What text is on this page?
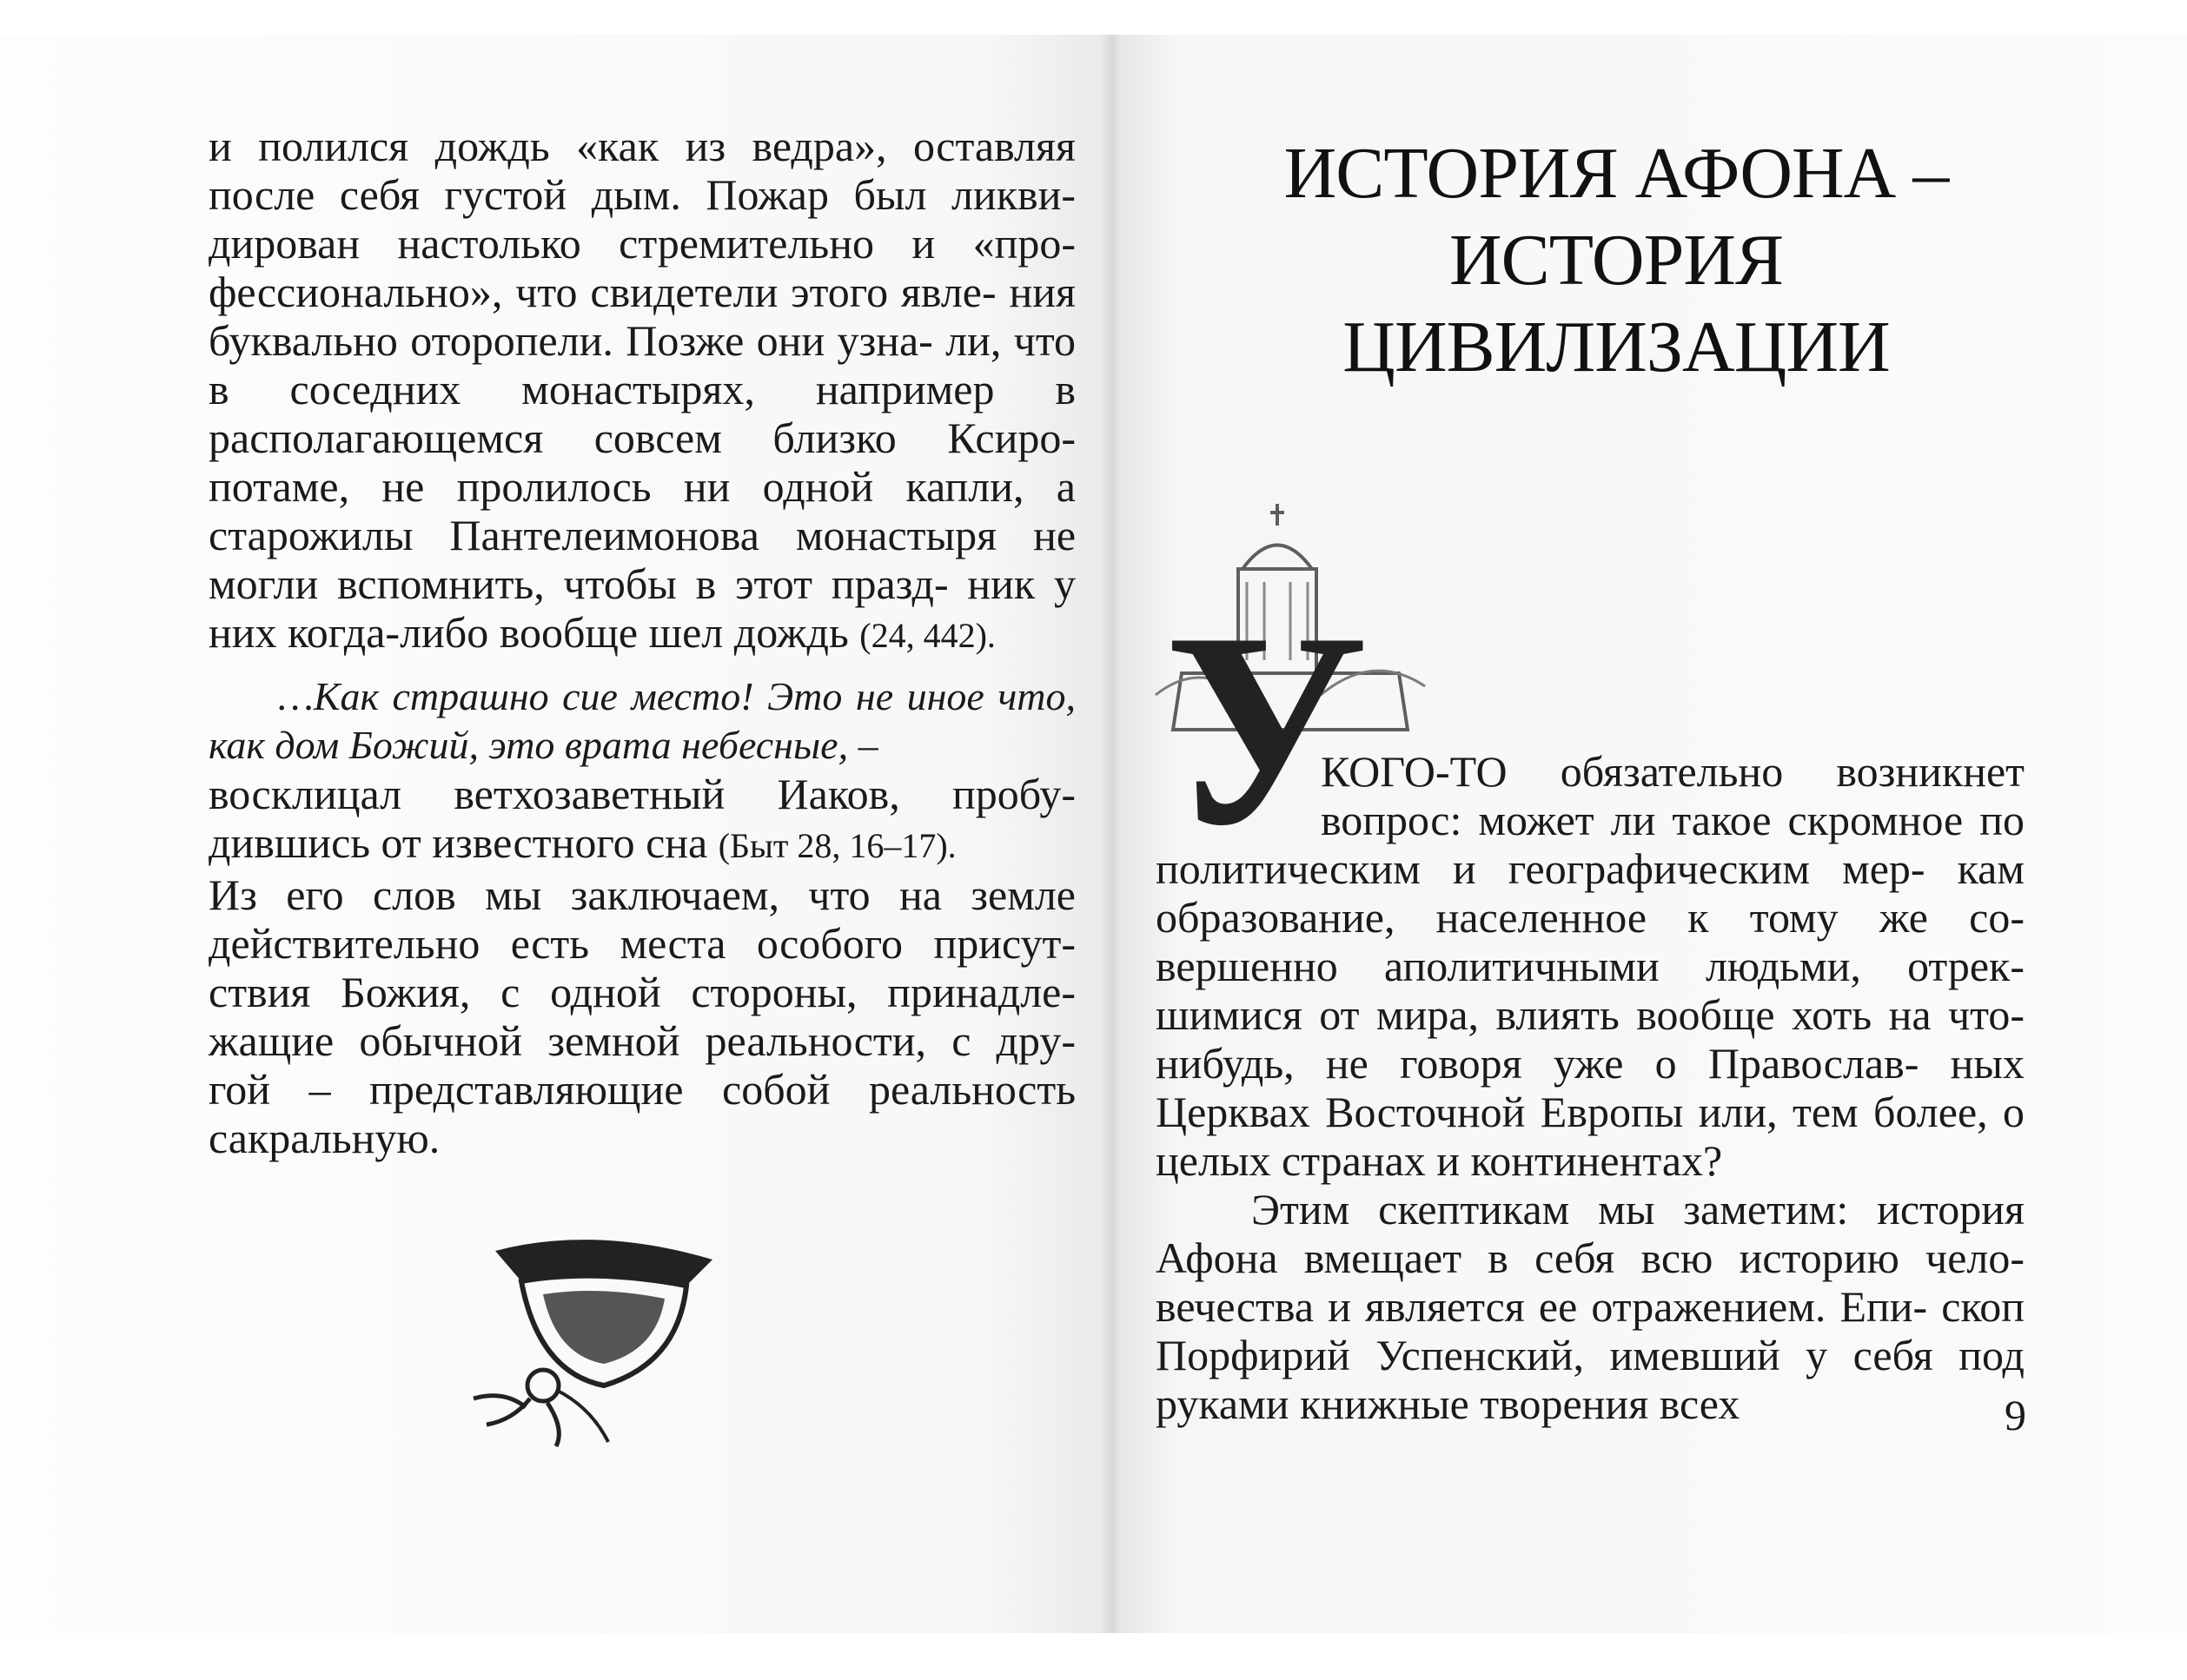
и полился дождь «как из ведра», оставляя после себя густой дым. Пожар был ликви- дирован настолько стремительно и «про- фессионально», что свидетели этого явле- ния буквально оторопели. Позже они узна- ли, что в соседних монастырях, например в располагающемся совсем близко Ксиро- потаме, не пролилось ни одной капли, а старожилы Пантелеимонова монастыря не могли вспомнить, чтобы в этот празд- ник у них когда-либо вообще шел дождь (24, 442).

…Как страшно сие место! Это не иное что, как дом Божий, это врата небесные, –

восклицал ветхозаветный Иаков, пробу- дившись от известного сна (Быт 28, 16–17).

Из его слов мы заключаем, что на земле действительно есть места особого присут- ствия Божия, с одной стороны, принадле- жащие обычной земной реальности, с дру- гой – представляющие собой реальность сакральную.

ИСТОРИЯ АФОНА –
ИСТОРИЯ ЦИВИЛИЗАЦИИ
У

КОГО-ТО обязательно возникнет вопрос: может ли такое скромное по политическим и географическим мер- кам образование, населенное к тому же со- вершенно аполитичными людьми, отрек- шимися от мира, влиять вообще хоть на что-нибудь, не говоря уже о Православ- ных Церквах Восточной Европы или, тем более, о целых странах и континентах?

Этим скептикам мы заметим: история Афона вмещает в себя всю историю чело- вечества и является ее отражением. Епи- скоп Порфирий Успенский, имевший у себя под руками книжные творения всех	9
